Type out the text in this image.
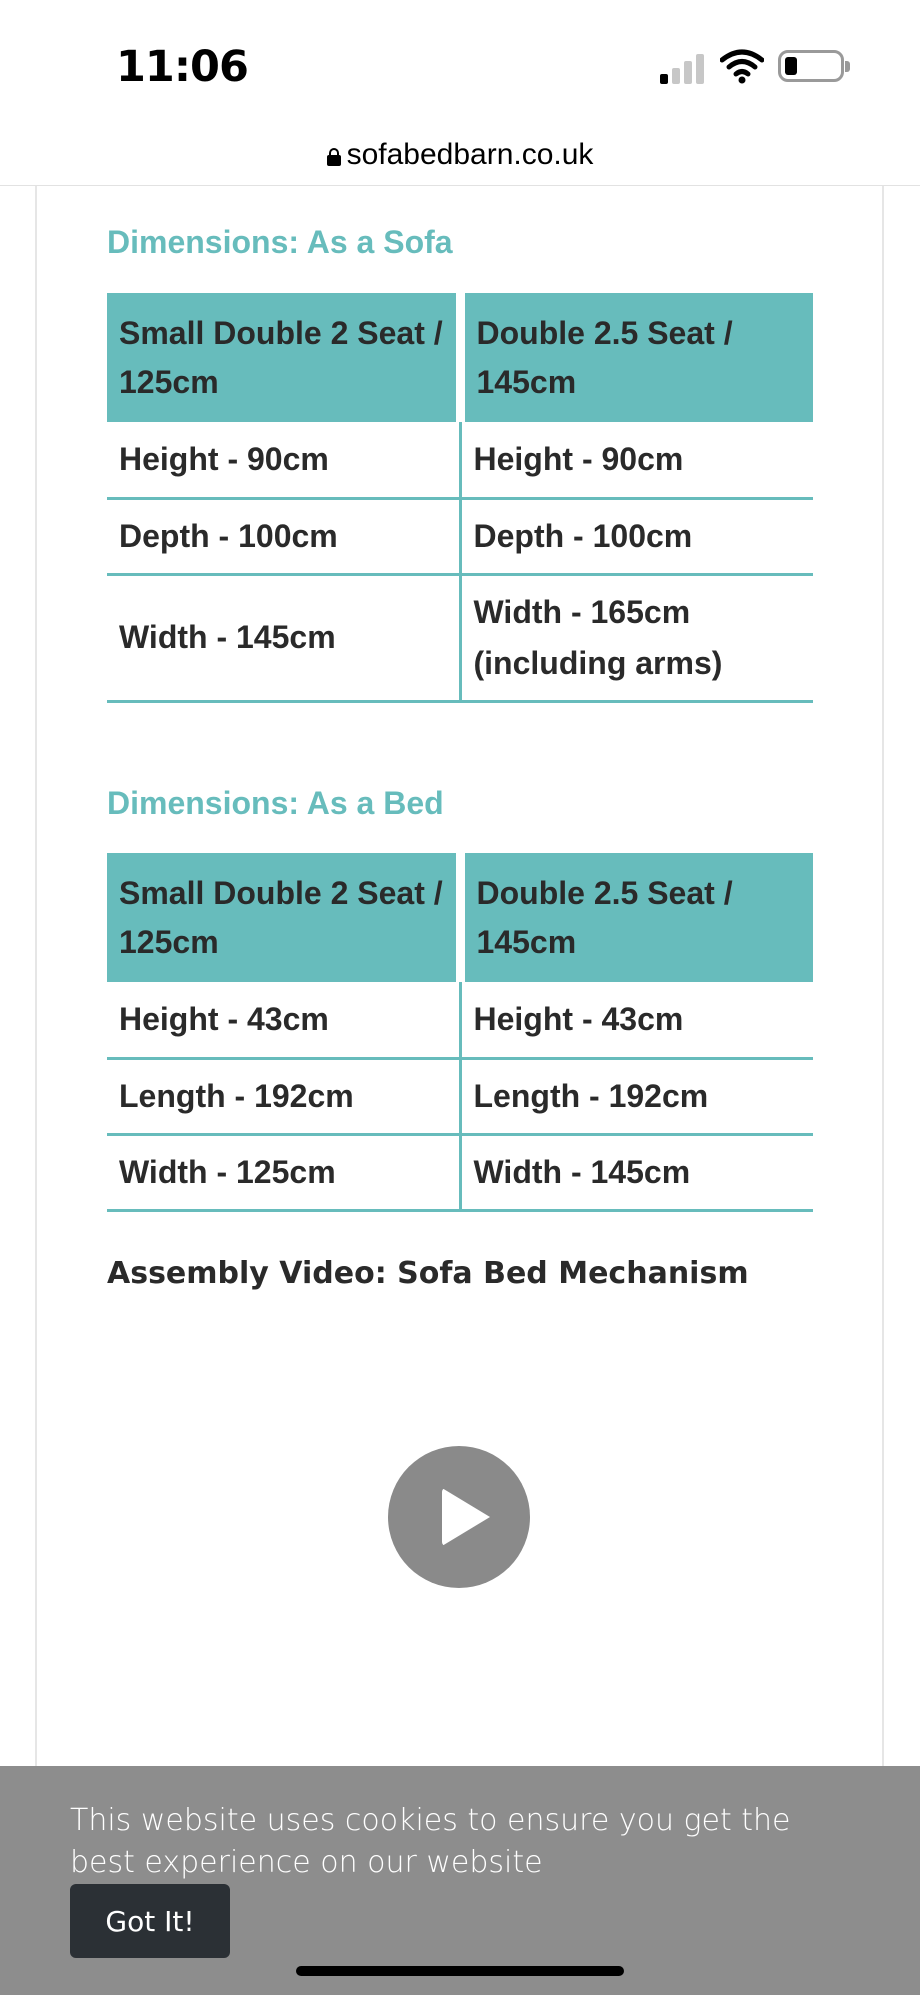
11:06
sofabedbarn.co.uk
Dimensions: As a Sofa
Small Double 2 Seat / 125cm	Double 2.5 Seat / 145cm
Height - 90cm	Height - 90cm
Depth - 100cm	Depth - 100cm
Width - 145cm	Width - 165cm (including arms)
Dimensions: As a Bed
Small Double 2 Seat / 125cm	Double 2.5 Seat / 145cm
Height - 43cm	Height - 43cm
Length - 192cm	Length - 192cm
Width - 125cm	Width - 145cm
Assembly Video: Sofa Bed Mechanism
This website uses cookies to ensure you get the best experience on our website
Got It!
